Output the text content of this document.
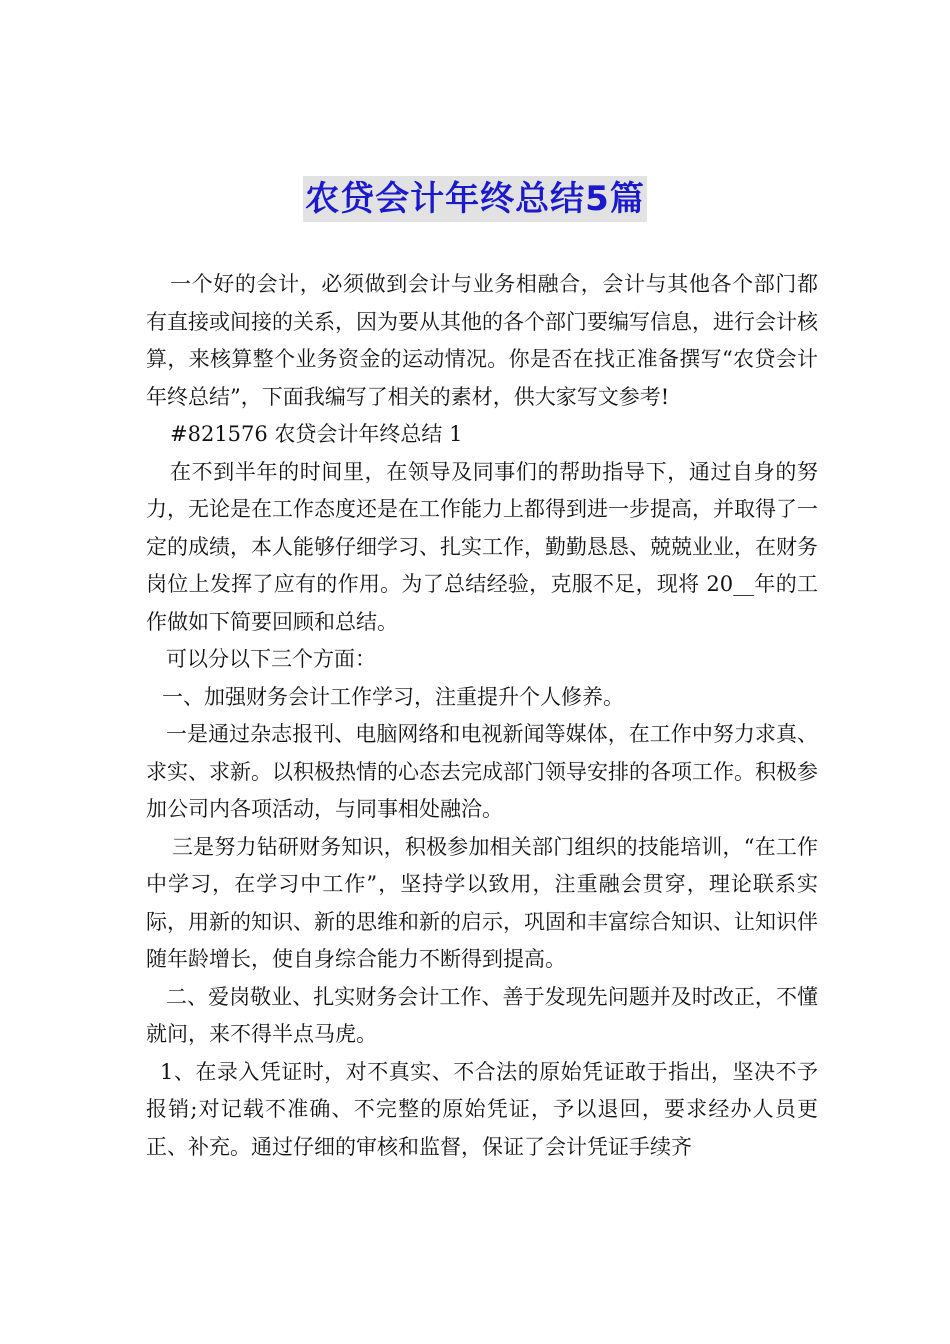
农贷会计年终总结5篇

一个好的会计，必须做到会计与业务相融合，会计与其他各个部门都有直接或间接的关系，因为要从其他的各个部门要编写信息，进行会计核算，来核算整个业务资金的运动情况。你是否在找正准备撰写“农贷会计年终总结”，下面我编写了相关的素材，供大家写文参考!

#821576 农贷会计年终总结 1

在不到半年的时间里，在领导及同事们的帮助指导下，通过自身的努力，无论是在工作态度还是在工作能力上都得到进一步提高，并取得了一定的成绩，本人能够仔细学习、扎实工作，勤勤恳恳、兢兢业业，在财务岗位上发挥了应有的作用。为了总结经验，克服不足，现将 20__年的工作做如下简要回顾和总结。

可以分以下三个方面：

一、加强财务会计工作学习，注重提升个人修养。

一是通过杂志报刊、电脑网络和电视新闻等媒体，在工作中努力求真、求实、求新。以积极热情的心态去完成部门领导安排的各项工作。积极参加公司内各项活动，与同事相处融洽。

三是努力钻研财务知识，积极参加相关部门组织的技能培训，“在工作中学习，在学习中工作”，坚持学以致用，注重融会贯穿，理论联系实际，用新的知识、新的思维和新的启示，巩固和丰富综合知识、让知识伴随年龄增长，使自身综合能力不断得到提高。

二、爱岗敬业、扎实财务会计工作、善于发现先问题并及时改正，不懂就问，来不得半点马虎。

1、在录入凭证时，对不真实、不合法的原始凭证敢于指出，坚决不予报销;对记载不准确、不完整的原始凭证，予以退回，要求经办人员更正、补充。通过仔细的审核和监督，保证了会计凭证手续齐
